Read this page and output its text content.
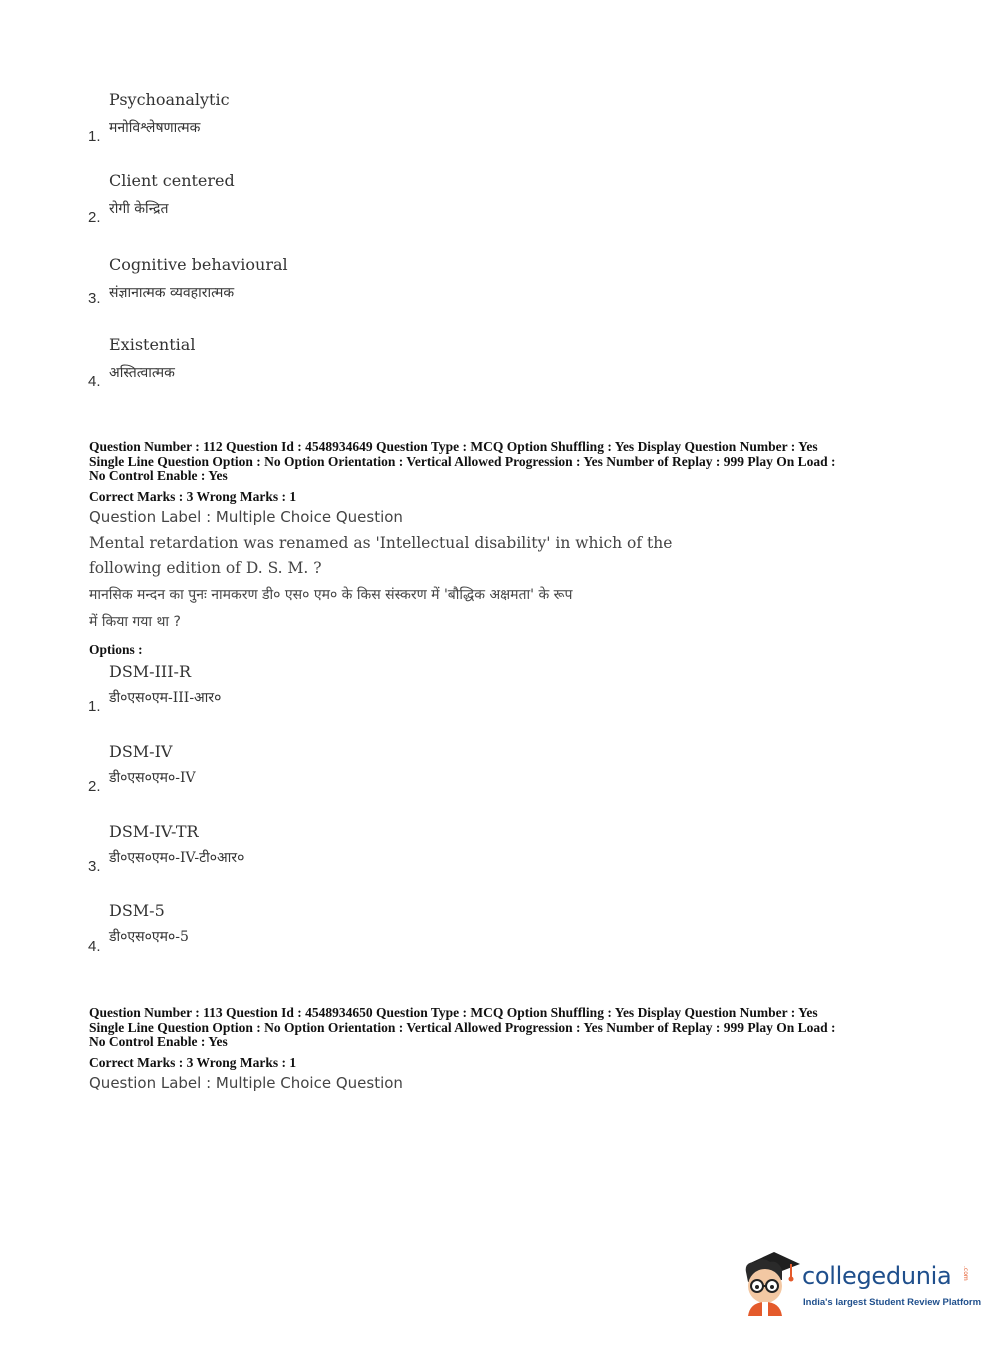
Psychoanalytic
मनोविश्लेषणात्मक
1.
Client centered
रोगी केन्द्रित
2.
Cognitive behavioural
संज्ञानात्मक व्यवहारात्मक
3.
Existential
अस्तित्वात्मक
4.
Question Number : 112 Question Id : 4548934649 Question Type : MCQ Option Shuffling : Yes Display Question Number : Yes
Single Line Question Option : No Option Orientation : Vertical Allowed Progression : Yes Number of Replay : 999 Play On Load :
No Control Enable : Yes
Correct Marks : 3 Wrong Marks : 1
Question Label : Multiple Choice Question
Mental retardation was renamed as 'Intellectual disability' in which of the
following edition of D. S. M. ?
मानसिक मन्दन का पुनः नामकरण डी० एस० एम० के किस संस्करण में 'बौद्धिक अक्षमता' के रूप
में किया गया था ?
Options :
DSM-III-R
डी०एस०एम-III-आर०
1.
DSM-IV
डी०एस०एम०-IV
2.
DSM-IV-TR
डी०एस०एम०-IV-टी०आर०
3.
DSM-5
डी०एस०एम०-5
4.
Question Number : 113 Question Id : 4548934650 Question Type : MCQ Option Shuffling : Yes Display Question Number : Yes
Single Line Question Option : No Option Orientation : Vertical Allowed Progression : Yes Number of Replay : 999 Play On Load :
No Control Enable : Yes
Correct Marks : 3 Wrong Marks : 1
Question Label : Multiple Choice Question
collegedunia .com
India's largest Student Review Platform
